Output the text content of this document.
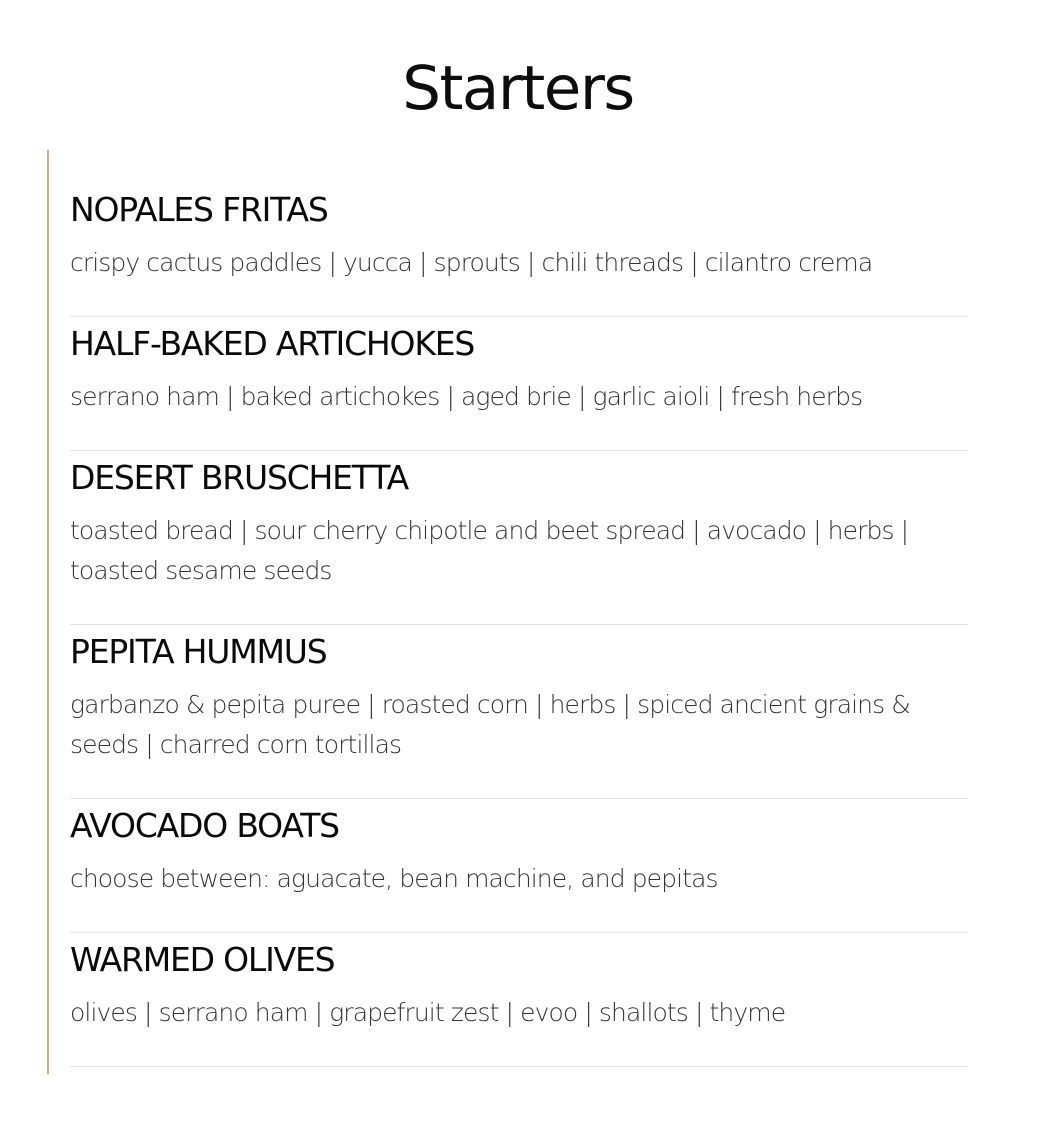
Starters
NOPALES FRITAS

crispy cactus paddles | yucca | sprouts | chili threads | cilantro crema

HALF-BAKED ARTICHOKES

serrano ham | baked artichokes | aged brie | garlic aioli | fresh herbs

DESERT BRUSCHETTA

toasted bread | sour cherry chipotle and beet spread | avocado | herbs | toasted sesame seeds

PEPITA HUMMUS

garbanzo & pepita puree | roasted corn | herbs | spiced ancient grains & seeds | charred corn tortillas

AVOCADO BOATS

choose between: aguacate, bean machine, and pepitas

WARMED OLIVES

olives | serrano ham | grapefruit zest | evoo | shallots | thyme
